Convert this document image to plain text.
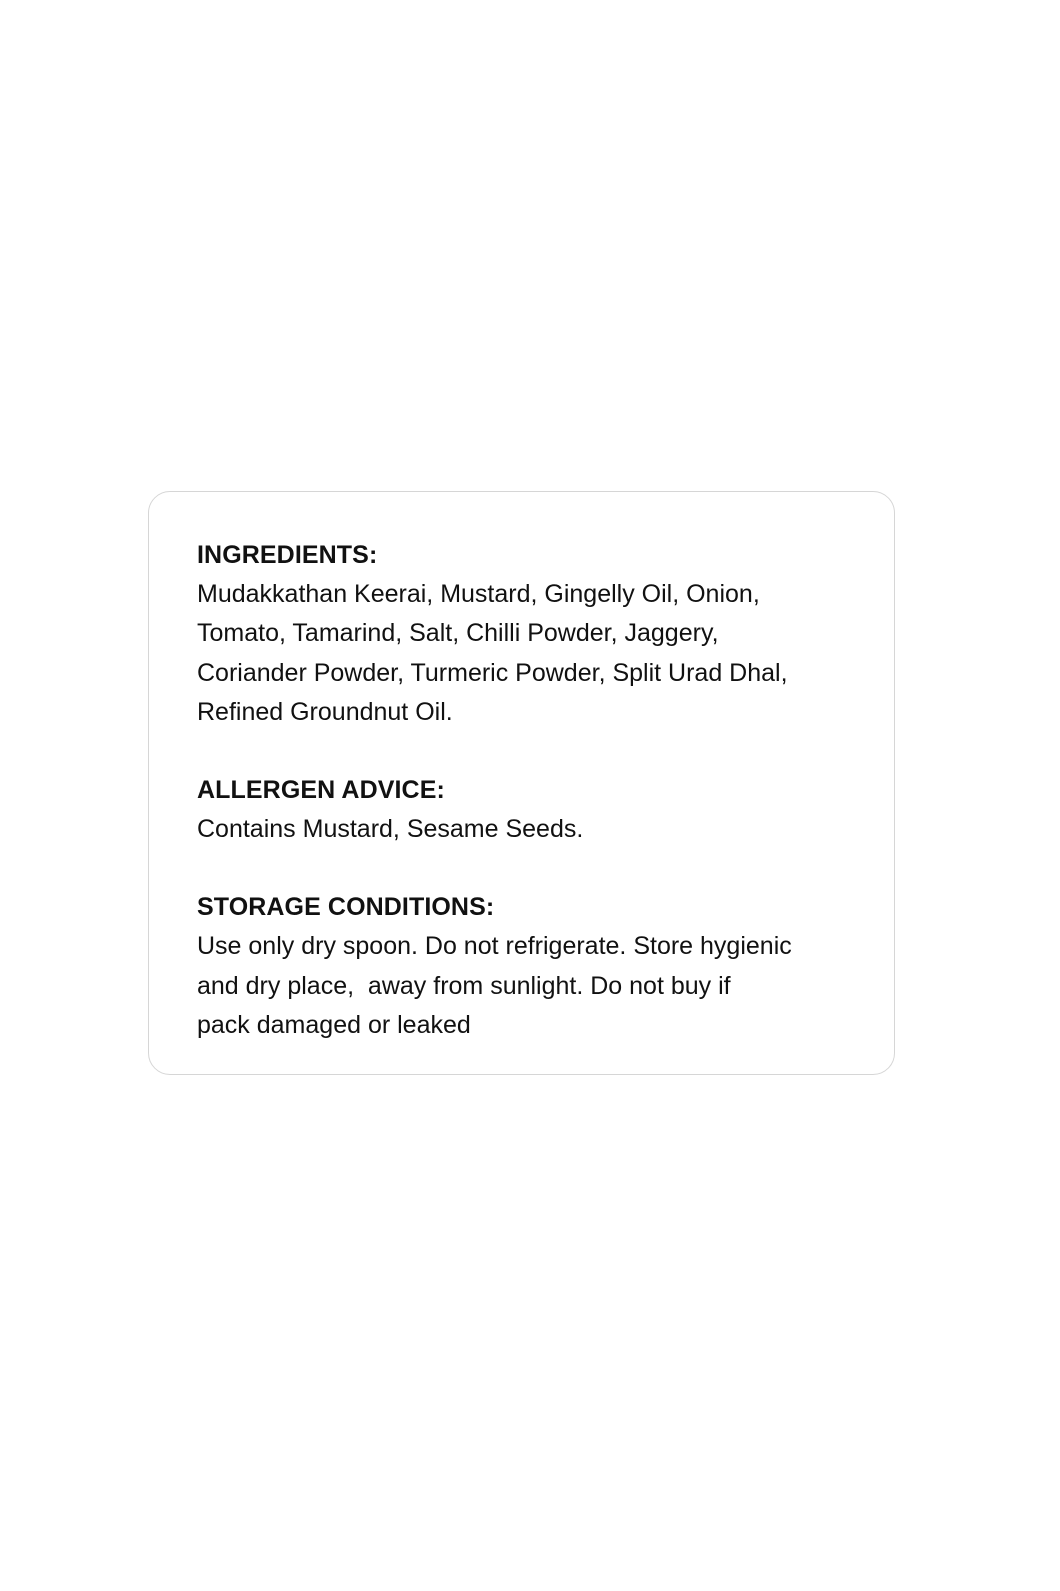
INGREDIENTS:

Mudakkathan Keerai, Mustard, Gingelly Oil, Onion,

Tomato, Tamarind, Salt, Chilli Powder, Jaggery,

Coriander Powder, Turmeric Powder, Split Urad Dhal,

Refined Groundnut Oil.

ALLERGEN ADVICE:

Contains Mustard, Sesame Seeds.

STORAGE CONDITIONS:

Use only dry spoon. Do not refrigerate. Store hygienic

and dry place,  away from sunlight. Do not buy if

pack damaged or leaked
